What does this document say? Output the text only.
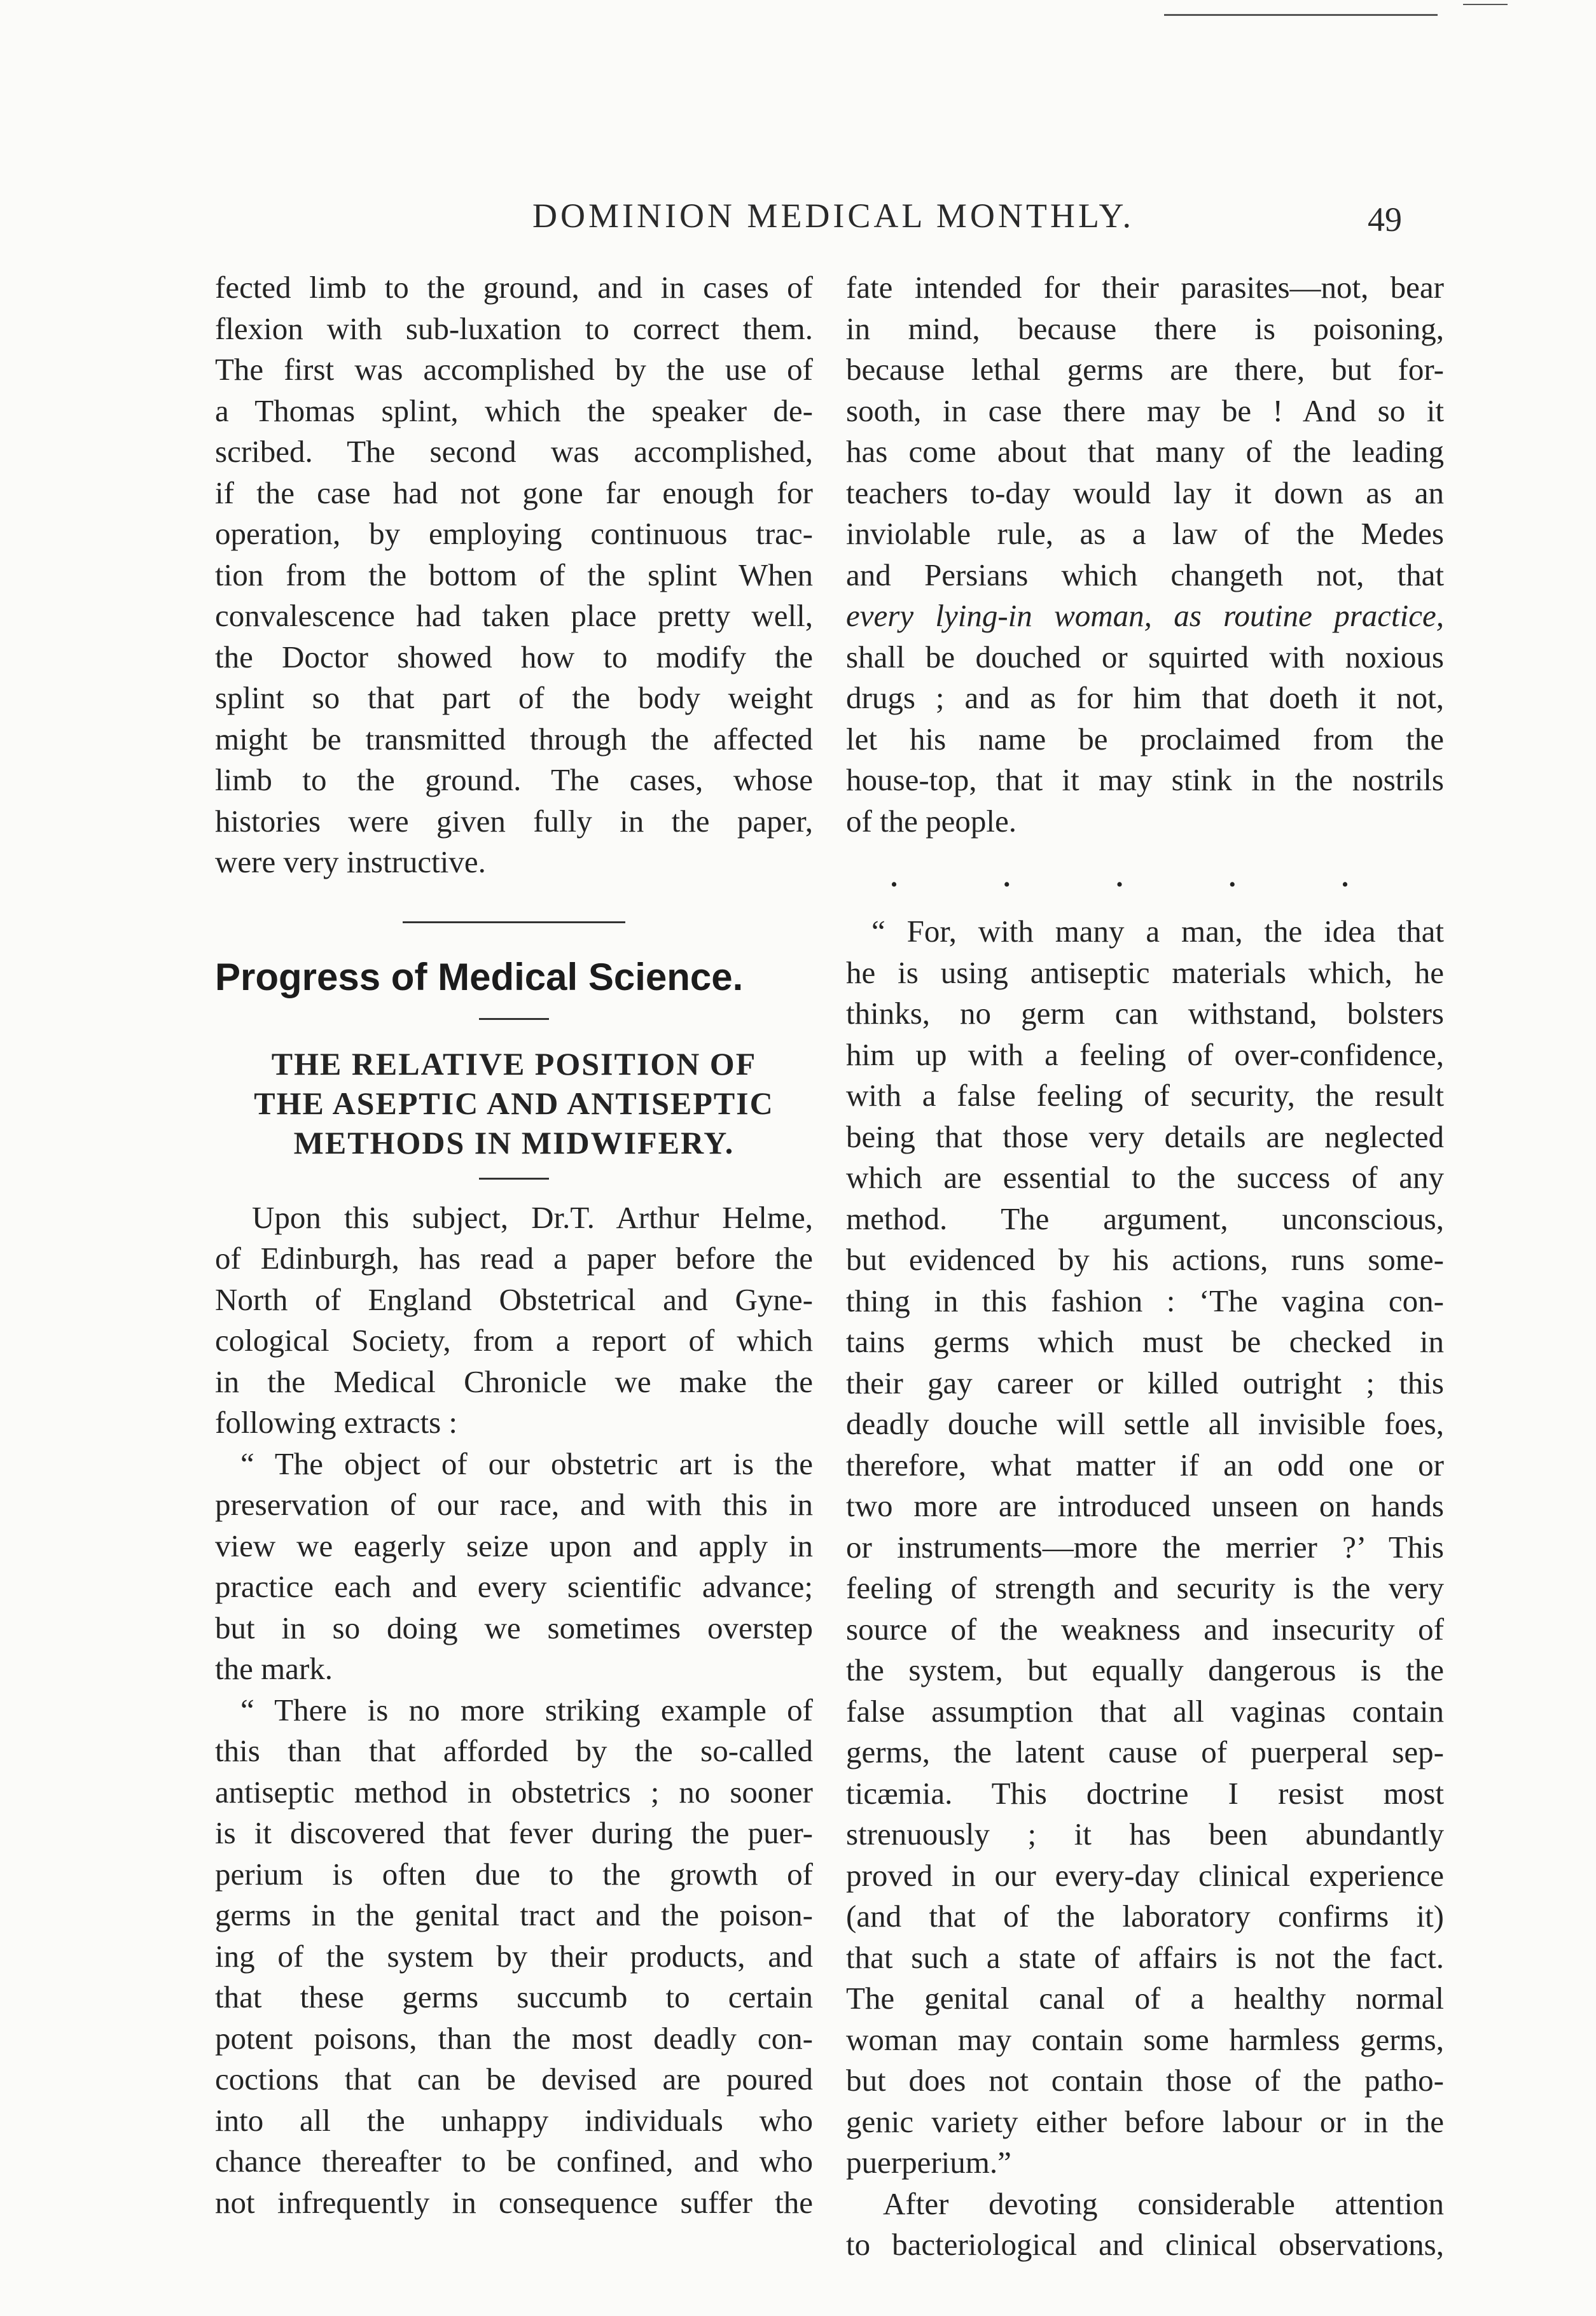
DOMINION MEDICAL MONTHLY.	49

fected limb to the ground, and in cases of
flexion with sub-luxation to correct them.
The first was accomplished by the use of
a Thomas splint, which the speaker de-
scribed. The second was accomplished,
if the case had not gone far enough for
operation, by employing continuous trac-
tion from the bottom of the splint When
convalescence had taken place pretty well,
the Doctor showed how to modify the
splint so that part of the body weight
might be transmitted through the affected
limb to the ground. The cases, whose
histories were given fully in the paper,
were very instructive.

Progress of Medical Science.
THE RELATIVE POSITION OF
THE ASEPTIC AND ANTISEPTIC
METHODS IN MIDWIFERY.

Upon this subject, Dr.T. Arthur Helme,
of Edinburgh, has read a paper before the
North of England Obstetrical and Gyne-
cological Society, from a report of which
in the Medical Chronicle we make the
following extracts :

“ The object of our obstetric art is the
preservation of our race, and with this in
view we eagerly seize upon and apply in
practice each and every scientific advance;
but in so doing we sometimes overstep
the mark.

“ There is no more striking example of
this than that afforded by the so-called
antiseptic method in obstetrics ; no sooner
is it discovered that fever during the puer-
perium is often due to the growth of
germs in the genital tract and the poison-
ing of the system by their products, and
that these germs succumb to certain
potent poisons, than the most deadly con-
coctions that can be devised are poured
into all the unhappy individuals who
chance thereafter to be confined, and who
not infrequently in consequence suffer the

fate intended for their parasites—not, bear
in mind, because there is poisoning,
because lethal germs are there, but for-
sooth, in case there may be ! And so it
has come about that many of the leading
teachers to-day would lay it down as an
inviolable rule, as a law of the Medes
and Persians which changeth not, that
every lying-in woman, as routine practice,
shall be douched or squirted with noxious
drugs ; and as for him that doeth it not,
let his name be proclaimed from the
house-top, that it may stink in the nostrils
of the people.

.	.	.	.	.

“ For, with many a man, the idea that
he is using antiseptic materials which, he
thinks, no germ can withstand, bolsters
him up with a feeling of over-confidence,
with a false feeling of security, the result
being that those very details are neglected
which are essential to the success of any
method. The argument, unconscious,
but evidenced by his actions, runs some-
thing in this fashion : ‘The vagina con-
tains germs which must be checked in
their gay career or killed outright ; this
deadly douche will settle all invisible foes,
therefore, what matter if an odd one or
two more are introduced unseen on hands
or instruments—more the merrier ?’ This
feeling of strength and security is the very
source of the weakness and insecurity of
the system, but equally dangerous is the
false assumption that all vaginas contain
germs, the latent cause of puerperal sep-
ticæmia. This doctrine I resist most
strenuously ; it has been abundantly
proved in our every-day clinical experience
(and that of the laboratory confirms it)
that such a state of affairs is not the fact.
The genital canal of a healthy normal
woman may contain some harmless germs,
but does not contain those of the patho-
genic variety either before labour or in the
puerperium.”

After devoting considerable attention
to bacteriological and clinical observations,
